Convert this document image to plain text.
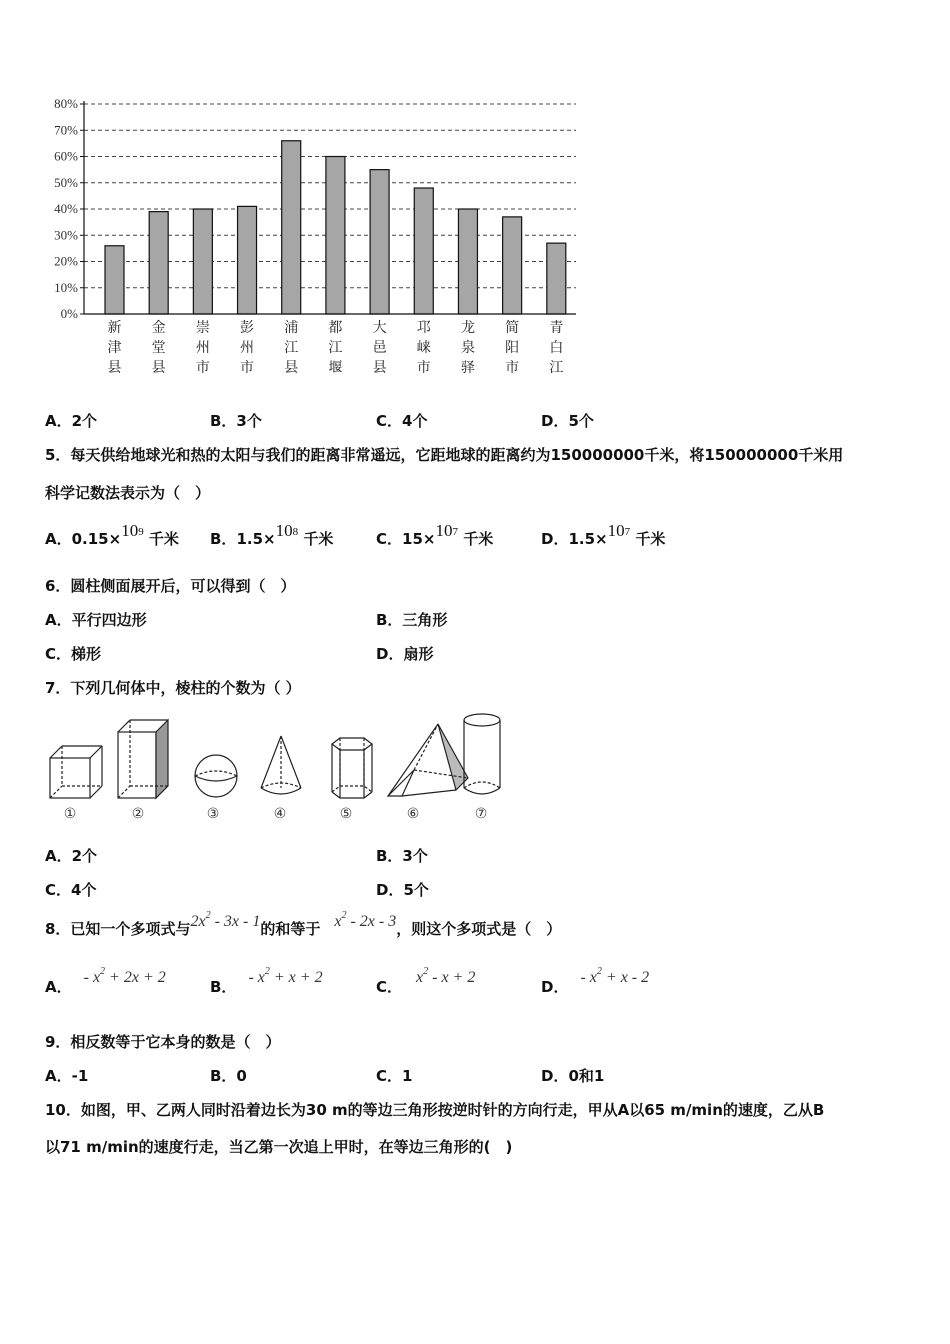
0%
10%
20%
30%
40%
50%
60%
70%
80%
新
津
县
金
堂
县
崇
州
市
彭
州
市
浦
江
县
都
江
堰
大
邑
县
邛
崃
市
龙
泉
驿
简
阳
市
青
白
江
A．2个	B．3个	C．4个	D．5个
5．每天供给地球光和热的太阳与我们的距离非常遥远，它距地球的距离约为150000000千米，将150000000千米用
科学记数法表示为（　）
A．$0.15\times 10^9$ 千米 B．$1.5\times 10^8$ 千米	C．$15\times 10^7$ 千米	D．$1.5\times 10^7$ 千米
6．圆柱侧面展开后，可以得到（　）
A．平行四边形	B．三角形
C．梯形	D．扇形
7．下列几何体中，棱柱的个数为（ ）
①	②	③	④	⑤	⑥	⑦
A．2个	B．3个
C．4个	D．5个
8．已知一个多项式与$2x^2 - 3x - 1$的和等于 $x^2 - 2x - 3$，则这个多项式是（　）
A．- $x^2 + 2x + 2$
B．- $x^2 + x + 2$
C．$x^2 - x + 2$
D．- $x^2 + x - 2$
9．相反数等于它本身的数是（　）
A．-1	B．0	C．1	D．0和1
10．如图，甲、乙两人同时沿着边长为30 m的等边三角形按逆时针的方向行走，甲从A以65 m/min的速度，乙从B
以71 m/min的速度行走，当乙第一次追上甲时，在等边三角形的(　)
